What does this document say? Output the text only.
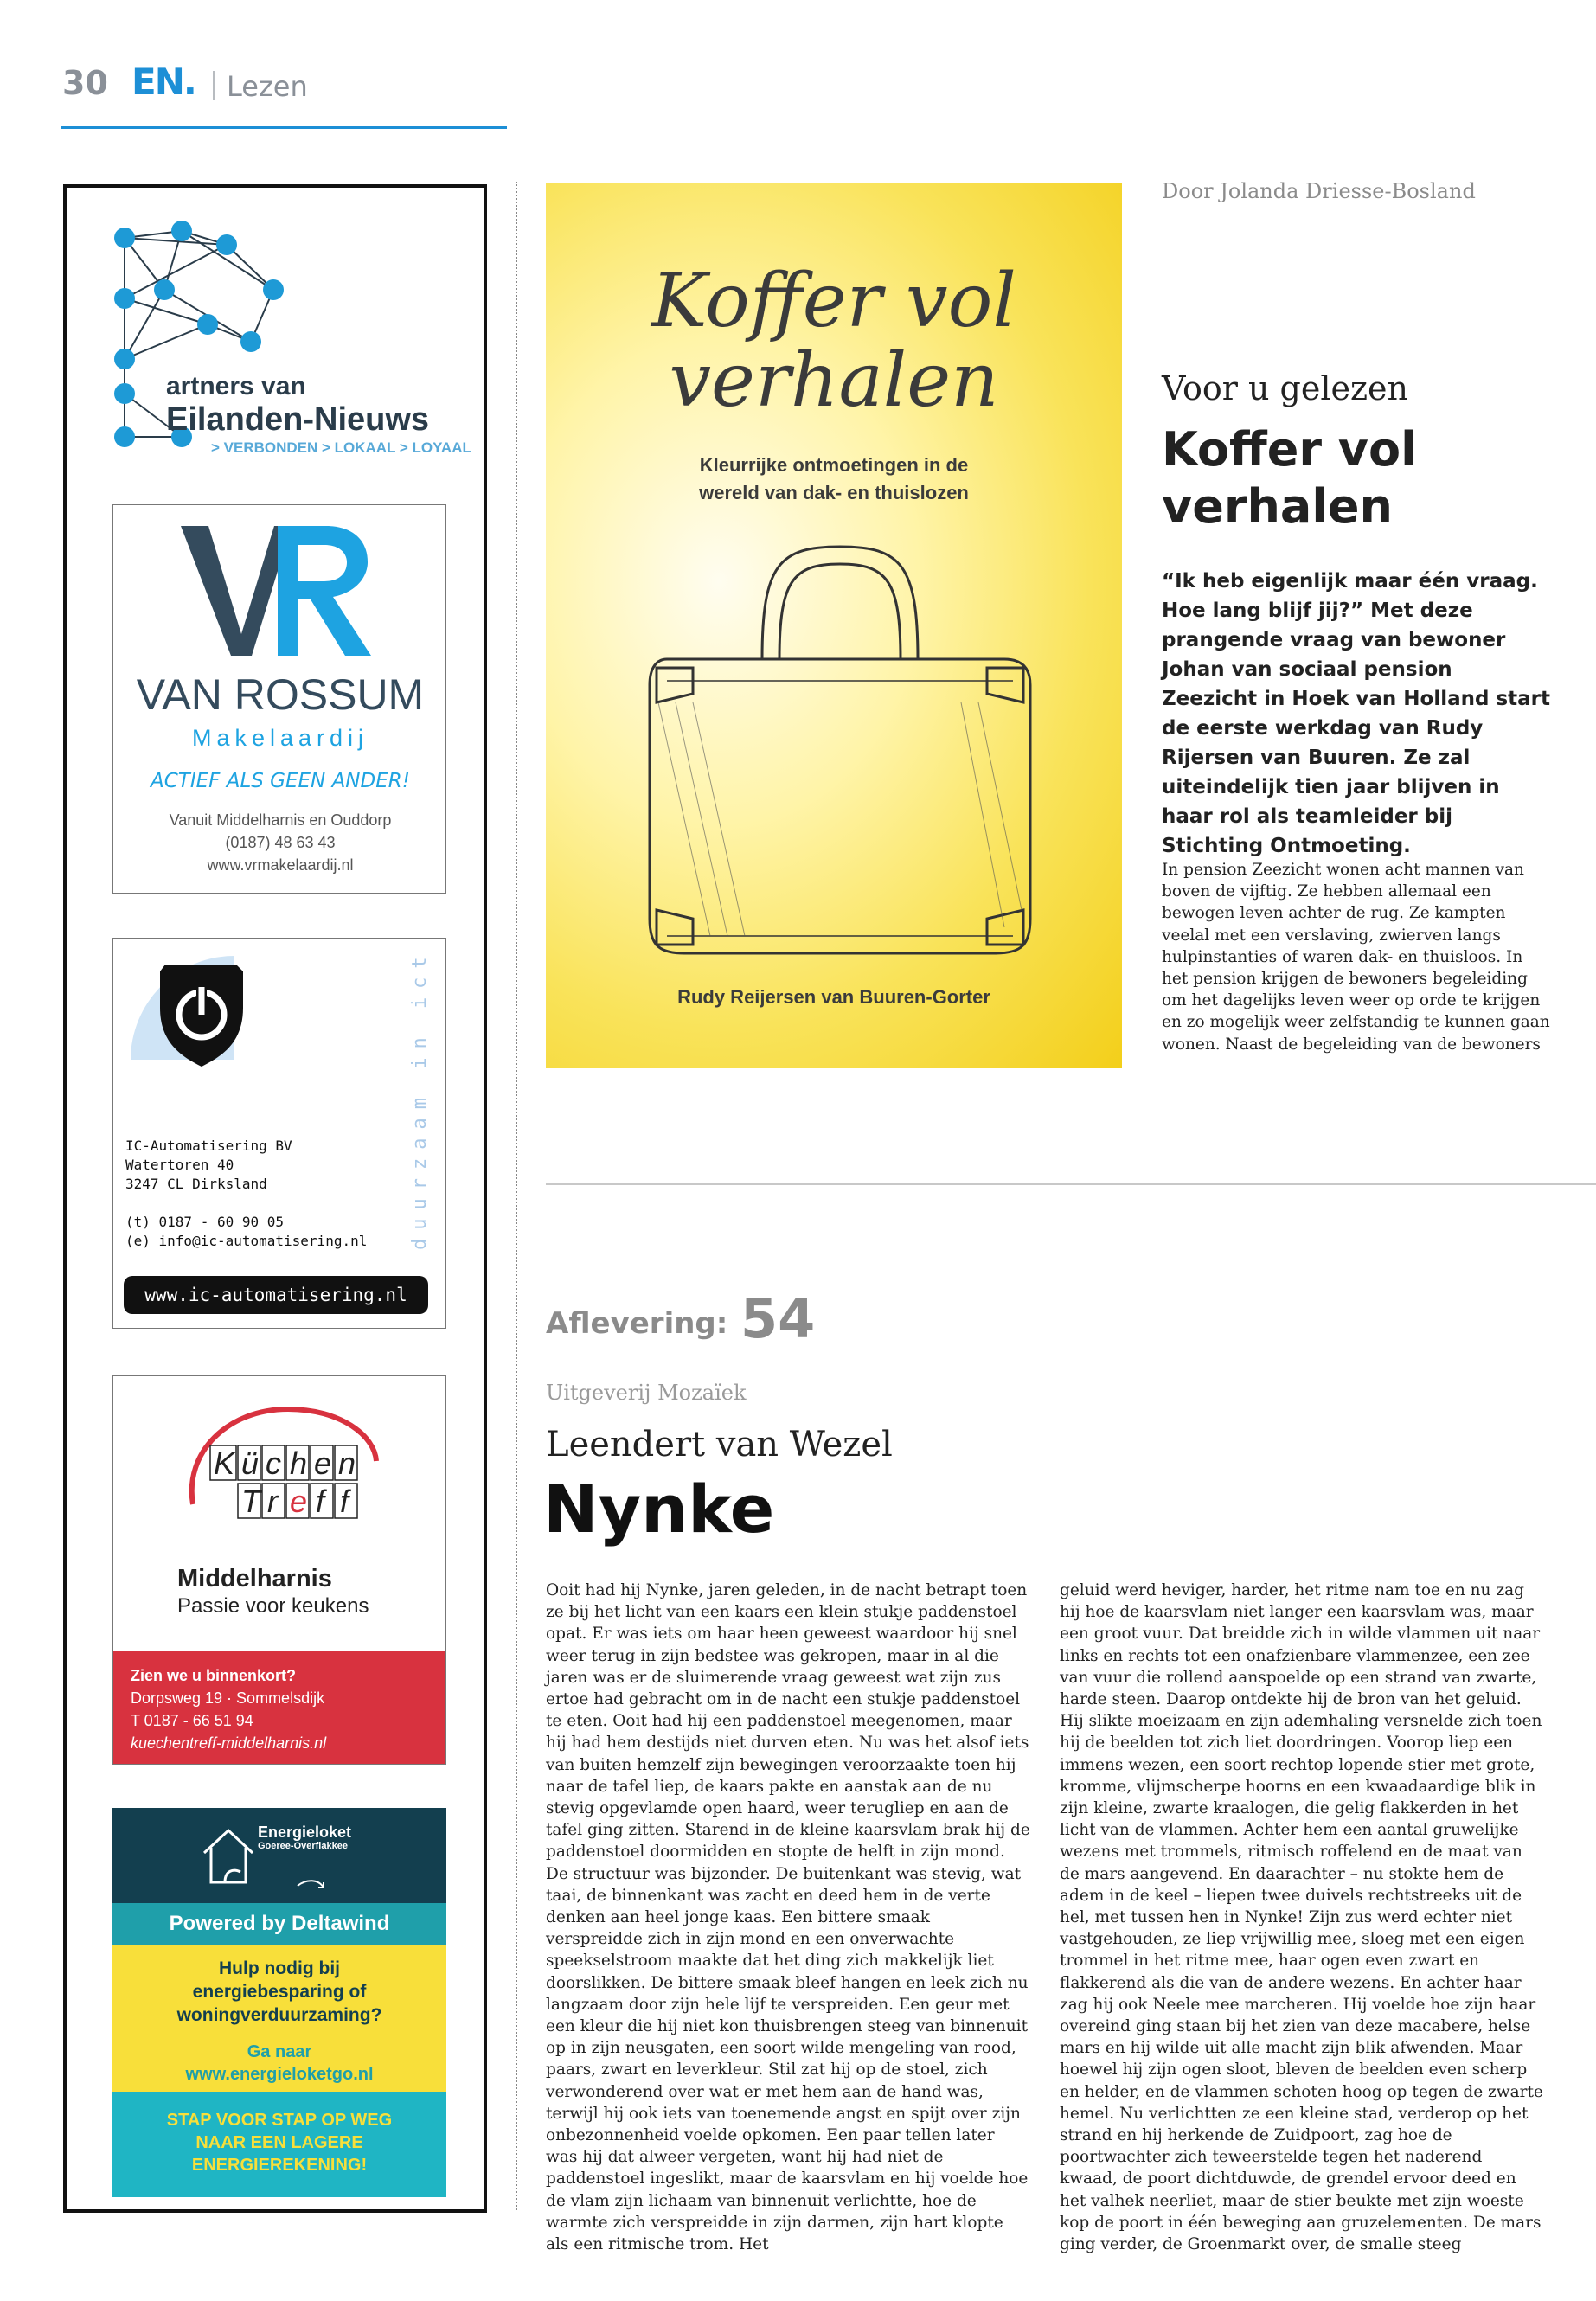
30 EN. Lezen
artners van
Eilanden-Nieuws
> VERBONDEN > LOKAAL > LOYAAL
VAN ROSSUM
Makelaardij
ACTIEF ALS GEEN ANDER!
Vanuit Middelharnis en Ouddorp
(0187) 48 63 43
www.vrmakelaardij.nl
duurzaam in ict
IC-Automatisering BV
Watertoren 40
3247 CL Dirksland
(t) 0187 - 60 90 05
(e) info@ic-automatisering.nl
www.ic-automatisering.nl
K ü c h e n
T r e f f
Middelharnis
Passie voor keukens
Zien we u binnenkort?
Dorpsweg 19 · Sommelsdijk
T 0187 - 66 51 94
kuechentreff-middelharnis.nl
Energieloket
Goeree-Overflakkee
Powered by Deltawind
Hulp nodig bij energiebesparing of woningverduurzaming?
Ga naar
www.energieloketgo.nl
STAP VOOR STAP OP WEG NAAR EEN LAGERE ENERGIEREKENING!
Koffer vol verhalen
Kleurrijke ontmoetingen in de wereld van dak- en thuislozen
Rudy Reijersen van Buuren-Gorter
Door Jolanda Driesse-Bosland
Voor u gelezen
Koffer vol verhalen
“Ik heb eigenlijk maar één vraag. Hoe lang blijf jij?” Met deze prangende vraag van bewoner Johan van sociaal pension Zeezicht in Hoek van Holland start de eerste werkdag van Rudy Rijersen van Buuren. Ze zal uiteindelijk tien jaar blijven in haar rol als teamleider bij Stichting Ontmoeting.
In pension Zeezicht wonen acht mannen van boven de vijftig. Ze hebben allemaal een bewogen leven achter de rug. Ze kampten veelal met een verslaving, zwierven langs hulpinstanties of waren dak- en thuisloos. In het pension krijgen de bewoners begeleiding om het dagelijks leven weer op orde te krijgen en zo mogelijk weer zelfstandig te kunnen gaan wonen. Naast de begeleiding van de bewoners
Aflevering: 54
Uitgeverij Mozaïek
Leendert van Wezel
Nynke
Ooit had hij Nynke, jaren geleden, in de nacht betrapt toen ze bij het licht van een kaars een klein stukje paddenstoel opat. Er was iets om haar heen geweest waardoor hij snel weer terug in zijn bedstee was gekropen, maar in al die jaren was er de sluimerende vraag geweest wat zijn zus ertoe had gebracht om in de nacht een stukje paddenstoel te eten. Ooit had hij een paddenstoel meegenomen, maar hij had hem destijds niet durven eten. Nu was het alsof iets van buiten hemzelf zijn bewegingen veroorzaakte toen hij naar de tafel liep, de kaars pakte en aanstak aan de nu stevig opgevlamde open haard, weer terugliep en aan de tafel ging zitten. Starend in de kleine kaarsvlam brak hij de paddenstoel doormidden en stopte de helft in zijn mond. De structuur was bijzonder. De buitenkant was stevig, wat taai, de binnenkant was zacht en deed hem in de verte denken aan heel jonge kaas. Een bittere smaak verspreidde zich in zijn mond en een onverwachte speekselstroom maakte dat het ding zich makkelijk liet doorslikken. De bittere smaak bleef hangen en leek zich nu langzaam door zijn hele lijf te verspreiden. Een geur met een kleur die hij niet kon thuisbrengen steeg van binnenuit op in zijn neusgaten, een soort wilde mengeling van rood, paars, zwart en leverkleur. Stil zat hij op de stoel, zich verwonderend over wat er met hem aan de hand was, terwijl hij ook iets van toenemende angst en spijt over zijn onbezonnenheid voelde opkomen. Een paar tellen later was hij dat alweer vergeten, want hij had niet de paddenstoel ingeslikt, maar de kaarsvlam en hij voelde hoe de vlam zijn lichaam van binnenuit verlichtte, hoe de warmte zich verspreidde in zijn darmen, zijn hart klopte als een ritmische trom. Het
geluid werd heviger, harder, het ritme nam toe en nu zag hij hoe de kaarsvlam niet langer een kaarsvlam was, maar een groot vuur. Dat breidde zich in wilde vlammen uit naar links en rechts tot een onafzienbare vlammenzee, een zee van vuur die rollend aanspoelde op een strand van zwarte, harde steen. Daarop ontdekte hij de bron van het geluid. Hij slikte moeizaam en zijn ademhaling versnelde zich toen hij de beelden tot zich liet doordringen. Voorop liep een immens wezen, een soort rechtop lopende stier met grote, kromme, vlijmscherpe hoorns en een kwaadaardige blik in zijn kleine, zwarte kraalogen, die gelig flakkerden in het licht van de vlammen. Achter hem een aantal gruwelijke wezens met trommels, ritmisch roffelend en de maat van de mars aangevend. En daarachter – nu stokte hem de adem in de keel – liepen twee duivels rechtstreeks uit de hel, met tussen hen in Nynke! Zijn zus werd echter niet vastgehouden, ze liep vrijwillig mee, sloeg met een eigen trommel in het ritme mee, haar ogen even zwart en flakkerend als die van de andere wezens. En achter haar zag hij ook Neele mee marcheren. Hij voelde hoe zijn haar overeind ging staan bij het zien van deze macabere, helse mars en hij wilde uit alle macht zijn blik afwenden. Maar hoewel hij zijn ogen sloot, bleven de beelden even scherp en helder, en de vlammen schoten hoog op tegen de zwarte hemel. Nu verlichtten ze een kleine stad, verderop op het strand en hij herkende de Zuidpoort, zag hoe de poortwachter zich teweerstelde tegen het naderend kwaad, de poort dichtduwde, de grendel ervoor deed en het valhek neerliet, maar de stier beukte met zijn woeste kop de poort in één beweging aan gruzelementen. De mars ging verder, de Groenmarkt over, de smalle steeg
